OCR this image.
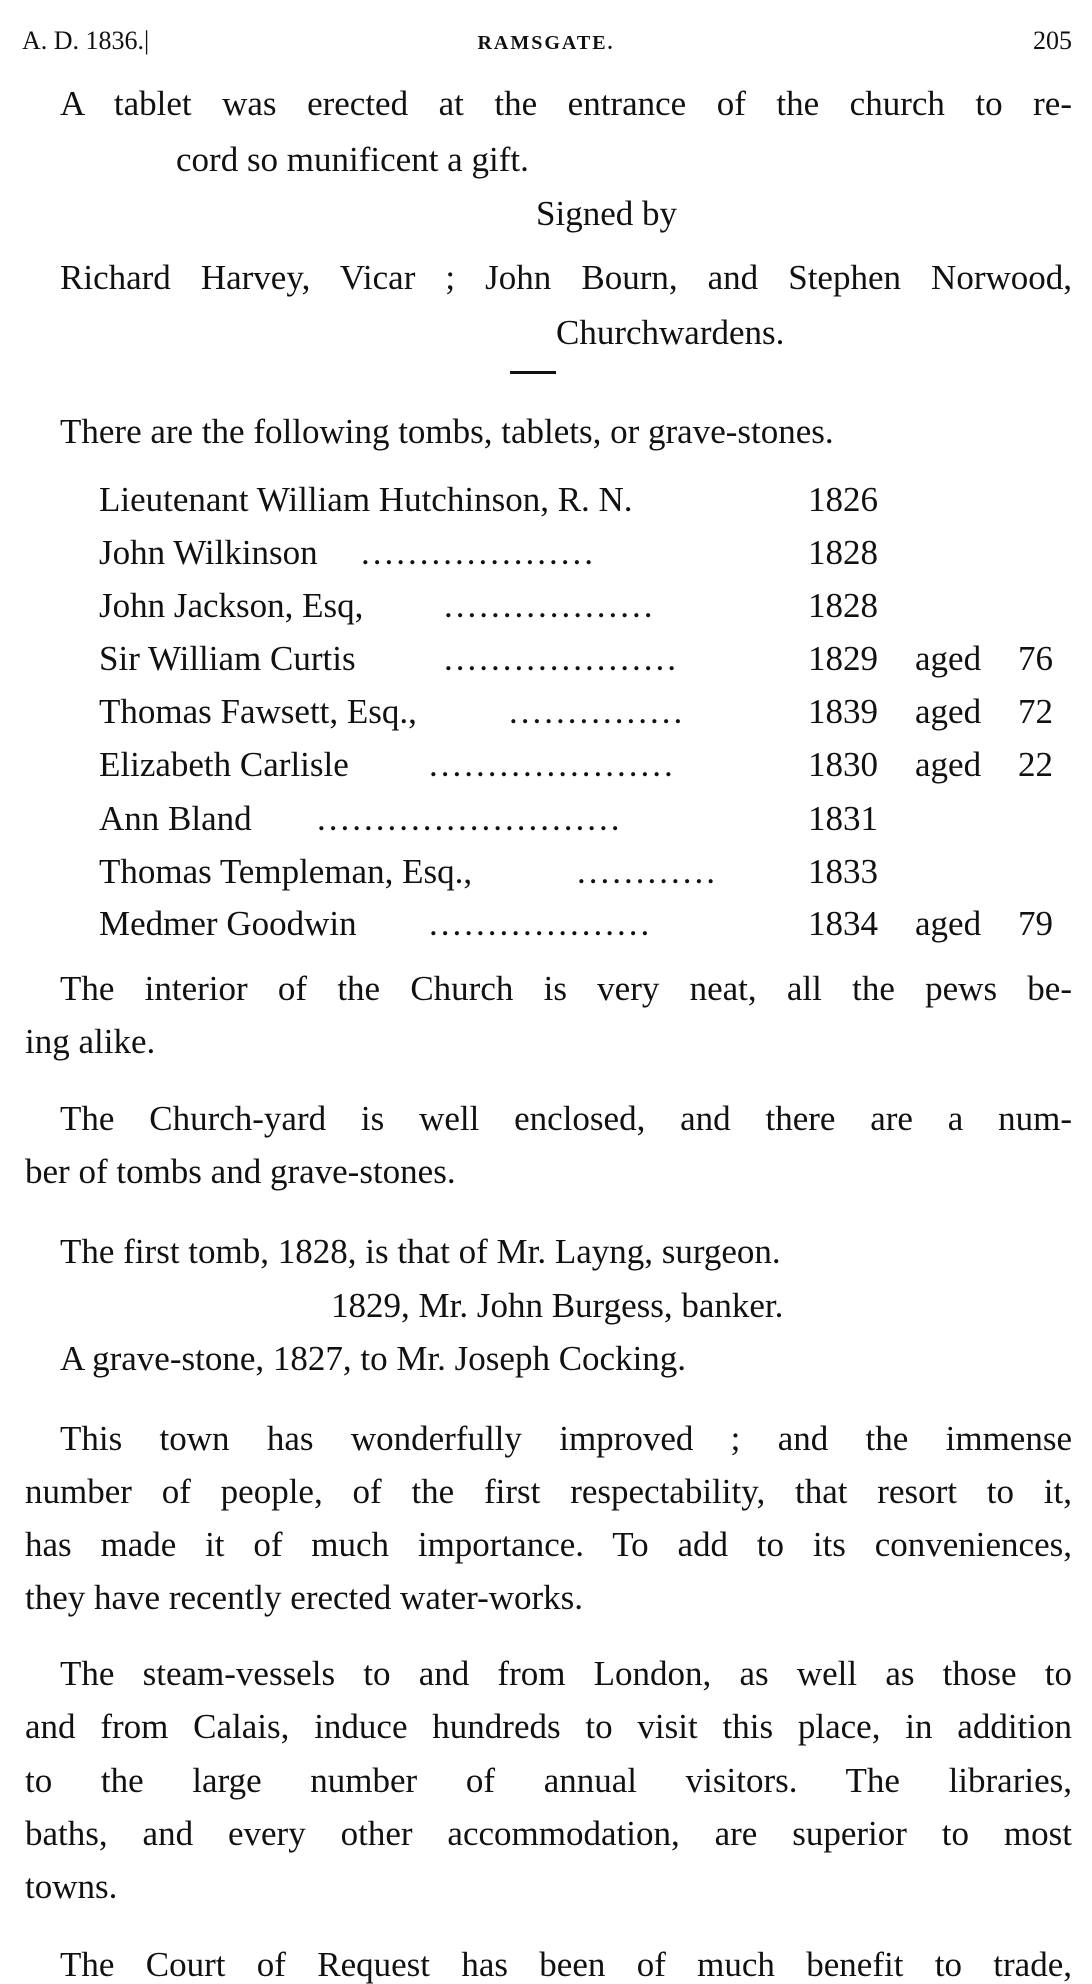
A. D. 1836.|	RAMSGATE.	205
A tablet was erected at the entrance of the church to re-
cord so munificent a gift.
Signed by
Richard Harvey, Vicar ; John Bourn, and Stephen Norwood,
Churchwardens.
There are the following tombs, tablets, or grave-stones.
Lieutenant William Hutchinson, R. N.	1826
John Wilkinson ....................	1828
John Jackson, Esq, ..................	1828
Sir William Curtis	....................	1829 aged 76
Thomas Fawsett, Esq.,	...............	1839 aged 72
Elizabeth Carlisle .....................	1830 aged 22
Ann Bland ..........................	1831
Thomas Templeman, Esq.,	............	1833
Medmer Goodwin ...................	1834 aged 79
The interior of the Church is very neat, all the pews be-
ing alike.
The Church-yard is well enclosed, and there are a num-
ber of tombs and grave-stones.
The first tomb, 1828, is that of Mr. Layng, surgeon.
1829, Mr. John Burgess, banker.
A grave-stone, 1827, to Mr. Joseph Cocking.
This town has wonderfully improved ; and the immense
number of people, of the first respectability, that resort to it,
has made it of much importance. To add to its conveniences,
they have recently erected water-works.
The steam-vessels to and from London, as well as those to
and from Calais, induce hundreds to visit this place, in addition
to the large number of annual visitors. The libraries,
baths, and every other accommodation, are superior to most
towns.
The Court of Request has been of much benefit to trade,
